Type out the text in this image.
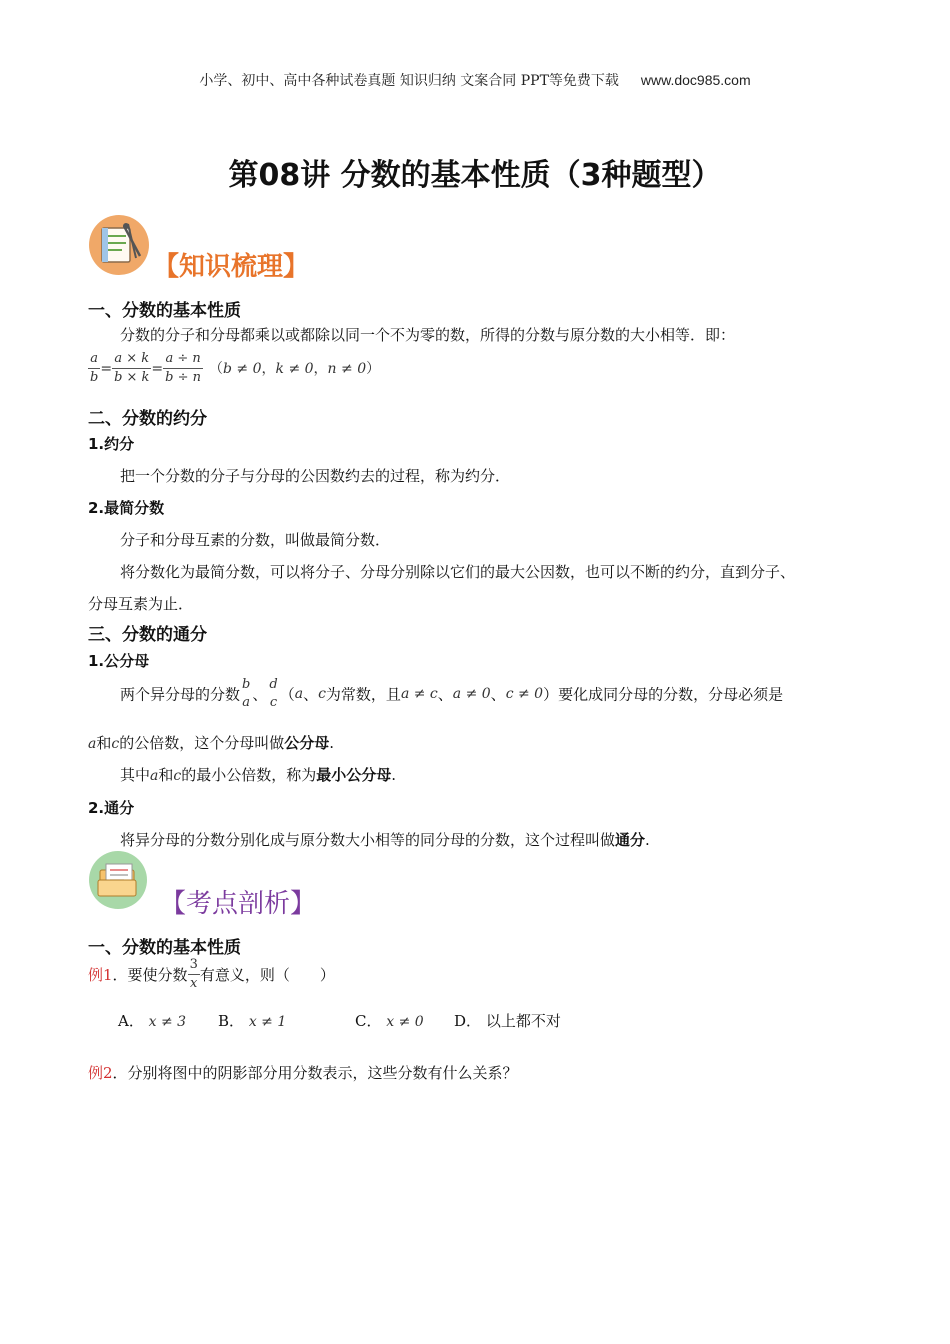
小学、初中、高中各种试卷真题 知识归纳 文案合同 PPT等免费下载 www.doc985.com
第08讲 分数的基本性质（3种题型）
【知识梳理】
一、分数的基本性质
分数的分子和分母都乘以或都除以同一个不为零的数，所得的分数与原分数的大小相等．即：
$\frac{a}{b} = \frac{a \times k}{b \times k} = \frac{a \div n}{b \div n} (b \ne 0$，k ≠ 0，n ≠ 0）
二、分数的约分
1.约分
把一个分数的分子与分母的公因数约去的过程，称为约分．
2.最简分数
分子和分母互素的分数，叫做最简分数．
将分数化为最简分数，可以将分子、分母分别除以它们的最大公因数，也可以不断的约分，直到分子、
分母互素为止．
三、分数的通分
1.公分母
两个异分母的分数
b
a 、
d
c （a、c为常数，且a ≠ c、a ≠ 0、c ≠ 0）要化成同分母的分数，分母必须是
a和c的公倍数，这个分母叫做公分母.
其中a和c的最小公倍数，称为最小公分母.
2.通分
将异分母的分数分别化成与原分数大小相等的同分母的分数，这个过程叫做通分.
【考点剖析】
一、分数的基本性质
例1．要使分数 $\frac{3}{x}$ 有意义，则（　　）
A． x ≠ 3 B． x ≠ 1	C． x ≠ 0 D． 以上都不对
例2．分别将图中的阴影部分用分数表示，这些分数有什么关系？
